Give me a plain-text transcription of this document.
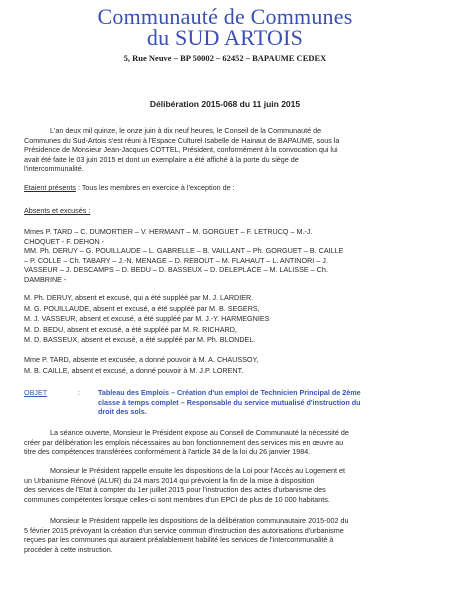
Communauté de Communes
du SUD ARTOIS
5, Rue Neuve – BP 50002 – 62452 – BAPAUME CEDEX
Délibération 2015-068 du 11 juin 2015
L'an deux mil quinze, le onze juin à dix neuf heures, le Conseil de la Communauté de
Communes du Sud-Artois s'est réuni à l'Espace Culturel Isabelle de Hainaut de BAPAUME, sous la
Présidence de Monsieur Jean-Jacques COTTEL, Président, conformément à la convocation qui lui
avait été faite le 03 juin 2015 et dont un exemplaire a été affiché à la porte du siège de
l'intercommunalité.
Etaient présents : Tous les membres en exercice à l'exception de :
Absents et excusés :
Mmes P. TARD – C. DUMORTIER – V. HERMANT – M. GORGUET – F. LETRUCQ – M.-J.
CHOQUET - F. DEHON -
MM. Ph. DERUY – G. POUILLAUDE – L. GABRELLE – B. VAILLANT – Ph. GORGUET – B. CAILLE
– P. COLLE – Ch. TABARY – J.-N. MENAGE – D. REBOUT – M. FLAHAUT – L. ANTINORI – J.
VASSEUR – J. DESCAMPS – D. BEDU – D. BASSEUX – D. DELEPLACE – M. LALISSE – Ch.
DAMBRINE -
M. Ph. DERUY, absent et excusé, qui a été suppléé par M. J. LARDIER.
M. G. POUILLAUDE, absent et excusé, a été suppléé par M. B. SEGERS,
M. J. VASSEUR, absent et excusé, a été suppléé par M. J.-Y. HARMEGNIES
M. D. BEDU, absent et excusé, a été suppléé par M. R. RICHARD,
M. D. BASSEUX, absent et excusé, a été suppléé par M. Ph. BLONDEL.
Mme P. TARD, absente et excusée, a donné pouvoir à M. A. CHAUSSOY,
M. B. CAILLE, absent et excusé, a donné pouvoir à M. J.P. LORENT.
OBJET	:	Tableau des Emplois – Création d'un emploi de Technicien Principal de 2ème
classe à temps complet – Responsable du service mutualisé d'instruction du
droit des sols.
La séance ouverte, Monsieur le Président expose au Conseil de Communauté la nécessité de
créer par délibération les emplois nécessaires au bon fonctionnement des services mis en œuvre au
titre des compétences transférées conformément à l'article 34 de la loi du 26 janvier 1984.
Monsieur le Président rappelle ensuite les dispositions de la Loi pour l'Accès au Logement et
un Urbanisme Rénové (ALUR) du 24 mars 2014 qui prévoient la fin de la mise à disposition
des services de l'Etat à compter du 1er juillet 2015 pour l'instruction des actes d'urbanisme des
communes compétentes lorsque celles-ci sont membres d'un EPCI de plus de 10 000 habitants.
Monsieur le Président rappelle les dispositions de la délibération communautaire 2015-002 du
5 février 2015 prévoyant la création d'un service commun d'instruction des autorisations d'urbanisme
reçues par les communes qui auraient préalablement habilité les services de l'intercommunalité à
procéder à cette instruction.
